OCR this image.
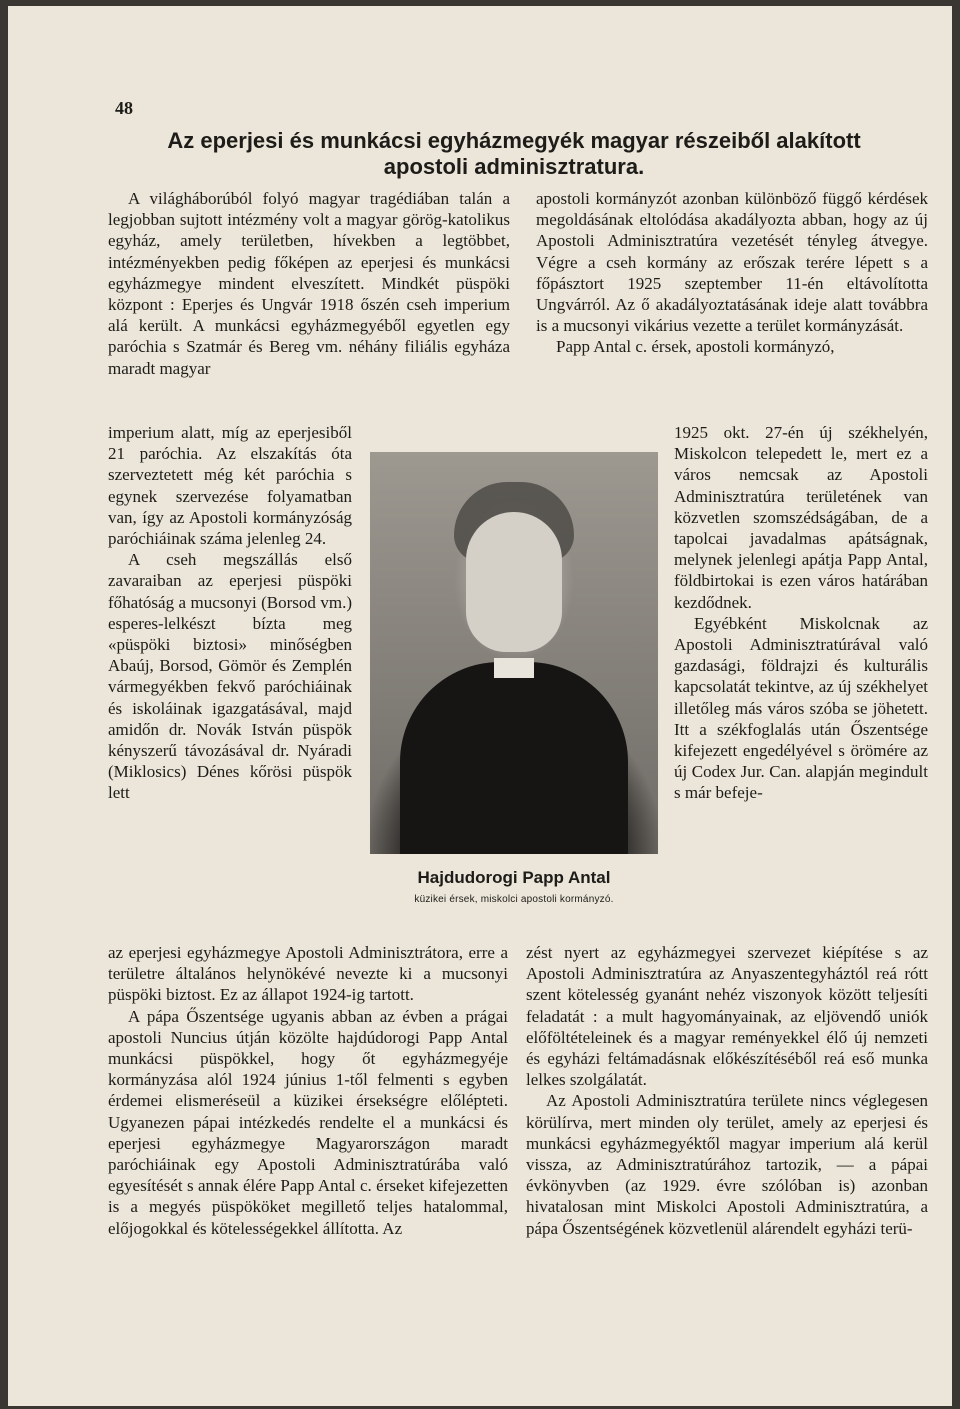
48
Az eperjesi és munkácsi egyházmegyék magyar részeiből alakított
apostoli adminisztratura.

A világháborúból folyó magyar tragédiában talán a legjobban sujtott intézmény volt a magyar görög-katolikus egyház, amely területben, hívekben a legtöbbet, intézményekben pedig főképen az eperjesi és munkácsi egyházmegye mindent elveszített. Mindkét püspöki központ : Eperjes és Ungvár 1918 őszén cseh imperium alá került. A munkácsi egyházmegyéből egyetlen egy paróchia s Szatmár és Bereg vm. néhány filiális egyháza maradt magyar

imperium alatt, míg az eperjesiből 21 paróchia. Az elszakítás óta szerveztetett még két paróchia s egynek szervezése folyamatban van, így az Apostoli kormányzóság paróchiáinak száma jelenleg 24.

A cseh megszállás első zavaraiban az eperjesi püspöki főhatóság a mucsonyi (Borsod vm.) esperes-lelkészt bízta meg «püspöki biztosi» minőségben Abaúj, Borsod, Gömör és Zemplén vármegyékben fekvő paróchiáinak és iskoláinak igazgatásával, majd amidőn dr. Novák István püspök kényszerű távozásával dr. Nyáradi (Miklosics) Dénes kőrösi püspök lett

az eperjesi egyházmegye Apostoli Adminisztrátora, erre a területre általános helynökévé nevezte ki a mucsonyi püspöki biztost. Ez az állapot 1924-ig tartott.

A pápa Őszentsége ugyanis abban az évben a prágai apostoli Nuncius útján közölte hajdúdorogi Papp Antal munkácsi püspökkel, hogy őt egyházmegyéje kormányzása alól 1924 június 1-től felmenti s egyben érdemei elismeréseül a küzikei érsekségre előlépteti. Ugyanezen pápai intézkedés rendelte el a munkácsi és eperjesi egyházmegye Magyarországon maradt paróchiáinak egy Apostoli Adminisztratúrába való egyesítését s annak élére Papp Antal c. érseket kifejezetten is a megyés püspököket megillető teljes hatalommal, előjogokkal és kötelességekkel állította. Az

apostoli kormányzót azonban különböző függő kérdések megoldásának eltolódása akadályozta abban, hogy az új Apostoli Adminisztratúra vezetését tényleg átvegye. Végre a cseh kormány az erőszak terére lépett s a főpásztort 1925 szeptember 11-én eltávolította Ungvárról. Az ő akadályoztatásának ideje alatt továbbra is a mucsonyi vikárius vezette a terület kormányzását.

Papp Antal c. érsek, apostoli kormányzó,

1925 okt. 27-én új székhelyén, Miskolcon telepedett le, mert ez a város nemcsak az Apostoli Adminisztratúra területének van közvetlen szomszédságában, de a tapolcai javadalmas apátságnak, melynek jelenlegi apátja Papp Antal, földbirtokai is ezen város határában kezdődnek.

Egyébként Miskolcnak az Apostoli Adminisztratúrával való gazdasági, földrajzi és kulturális kapcsolatát tekintve, az új székhelyet illetőleg más város szóba se jöhetett. Itt a székfoglalás után Őszentsége kifejezett engedélyével s örömére az új Codex Jur. Can. alapján megindult s már befeje-

zést nyert az egyházmegyei szervezet kiépítése s az Apostoli Adminisztratúra az Anyaszentegyháztól reá rótt szent kötelesség gyanánt nehéz viszonyok között teljesíti feladatát : a mult hagyományainak, az eljövendő uniók előföltételeinek és a magyar reményekkel élő új nemzeti és egyházi feltámadásnak előkészítéséből reá eső munka lelkes szolgálatát.

Az Apostoli Adminisztratúra területe nincs véglegesen körülírva, mert minden oly terület, amely az eperjesi és munkácsi egyházmegyéktől magyar imperium alá kerül vissza, az Adminisztratúrához tartozik, — a pápai évkönyvben (az 1929. évre szólóban is) azonban hivatalosan mint Miskolci Apostoli Adminisztratúra, a pápa Őszentségének közvetlenül alárendelt egyházi terü-

Hajdudorogi Papp Antal
küzikei érsek, miskolci apostoli kormányzó.
